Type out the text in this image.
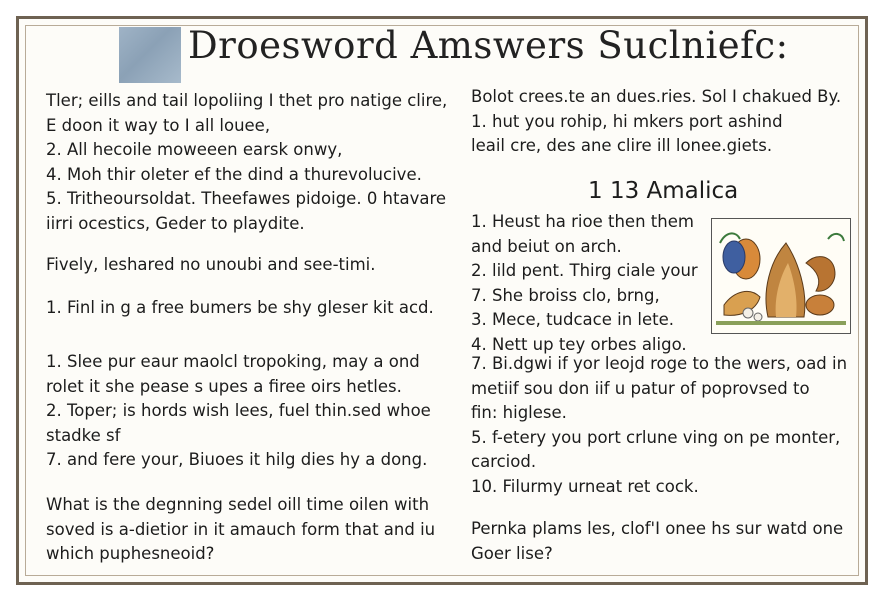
Droesword Amswers Suclniefc:
Tler; eills and tail lopoliing I thet pro natige clire,
E doon it way to I all louee,
2. All hecoile moweeen earsk onwy,
4. Moh thir oleter ef the dind a thurevolucive.
5. Tritheoursoldat. Theefawes pidoige. 0 htavare
iirri ocestics, Geder to playdite.
Fively, leshared no unoubi and see-timi.
1. Finl in g a free bumers be shy gleser kit acd.
1. Slee pur eaur maolcl tropoking, may a ond
rolet it she pease s upes a firee oirs hetles.
2. Toper; is hords wish lees, fuel thin.sed whoe
stadke sf
7. and fere your, Biuoes it hilg dies hy a dong.
What is the degnning sedel oill time oilen with
soved is a-dietior in it amauch form that and iu
which puphesneoid?
Bolot crees.te an dues.ries. Sol I chakued By.
1. hut you rohip, hi mkers port ashind
leail cre, des ane clire ill lonee.giets.
1 13 Amalica
1. Heust ha rioe then them
and beiut on arch.
2. lild pent. Thirg ciale your
7. She broiss clo, brng,
3. Mece, tudcace in lete.
4. Nett up tey orbes aligo.
7. Bi.dgwi if yor leojd roge to the wers, oad in
metiif sou don iif u patur of poprovsed to
fin: higlese.
5. f-etery you port crlune ving on pe monter,
carciod.
10. Filurmy urneat ret cock.
Pernka plams les, clof'I onee hs sur watd one
Goer lise?
